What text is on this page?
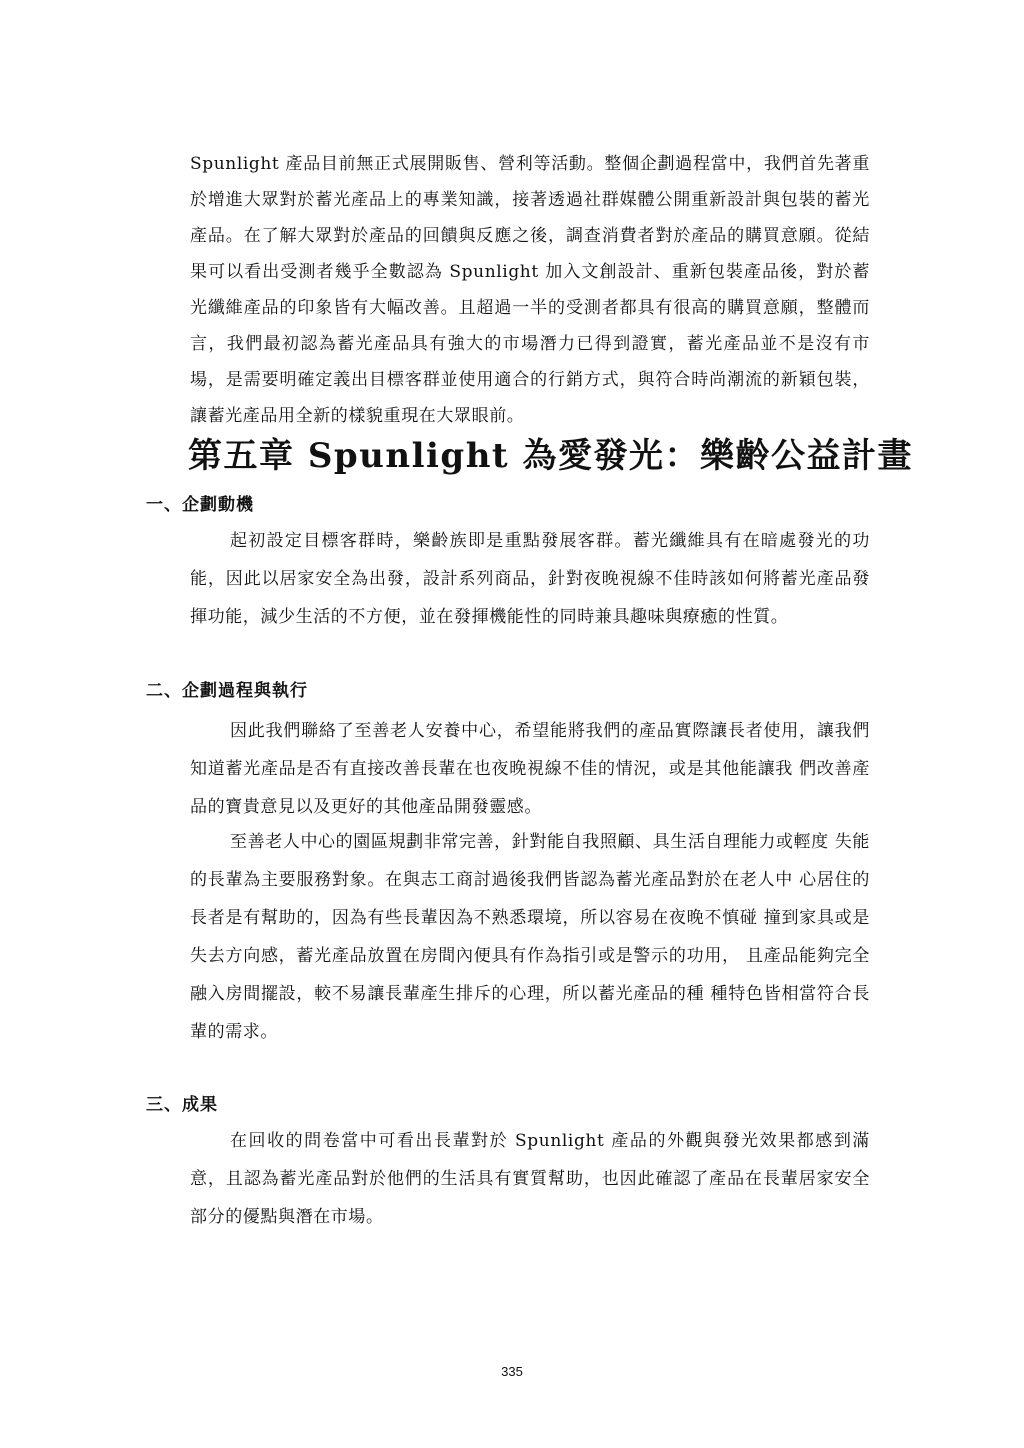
Spunlight 產品目前無正式展開販售、營利等活動。整個企劃過程當中，我們首先著重於增進大眾對於蓄光產品上的專業知識，接著透過社群媒體公開重新設計與包裝的蓄光產品。在了解大眾對於產品的回饋與反應之後，調查消費者對於產品的購買意願。從結果可以看出受測者幾乎全數認為 Spunlight 加入文創設計、重新包裝產品後，對於蓄光纖維產品的印象皆有大幅改善。且超過一半的受測者都具有很高的購買意願，整體而言，我們最初認為蓄光產品具有強大的市場潛力已得到證實，蓄光產品並不是沒有市場，是需要明確定義出目標客群並使用適合的行銷方式，與符合時尚潮流的新穎包裝，讓蓄光產品用全新的樣貌重現在大眾眼前。

第五章 Spunlight 為愛發光：樂齡公益計畫
一、企劃動機

起初設定目標客群時，樂齡族即是重點發展客群。蓄光纖維具有在暗處發光的功能，因此以居家安全為出發，設計系列商品，針對夜晚視線不佳時該如何將蓄光產品發揮功能，減少生活的不方便，並在發揮機能性的同時兼具趣味與療癒的性質。

二、企劃過程與執行

因此我們聯絡了至善老人安養中心，希望能將我們的產品實際讓長者使用，讓我們知道蓄光產品是否有直接改善長輩在也夜晚視線不佳的情況，或是其他能讓我 們改善產品的寶貴意見以及更好的其他產品開發靈感。

至善老人中心的園區規劃非常完善，針對能自我照顧、具生活自理能力或輕度 失能的長輩為主要服務對象。在與志工商討過後我們皆認為蓄光產品對於在老人中 心居住的長者是有幫助的，因為有些長輩因為不熟悉環境，所以容易在夜晚不慎碰 撞到家具或是失去方向感，蓄光產品放置在房間內便具有作為指引或是警示的功用， 且產品能夠完全融入房間擺設，較不易讓長輩產生排斥的心理，所以蓄光產品的種 種特色皆相當符合長輩的需求。

三、成果

在回收的問卷當中可看出長輩對於 Spunlight 產品的外觀與發光效果都感到滿意，且認為蓄光產品對於他們的生活具有實質幫助，也因此確認了產品在長輩居家安全部分的優點與潛在市場。

335
